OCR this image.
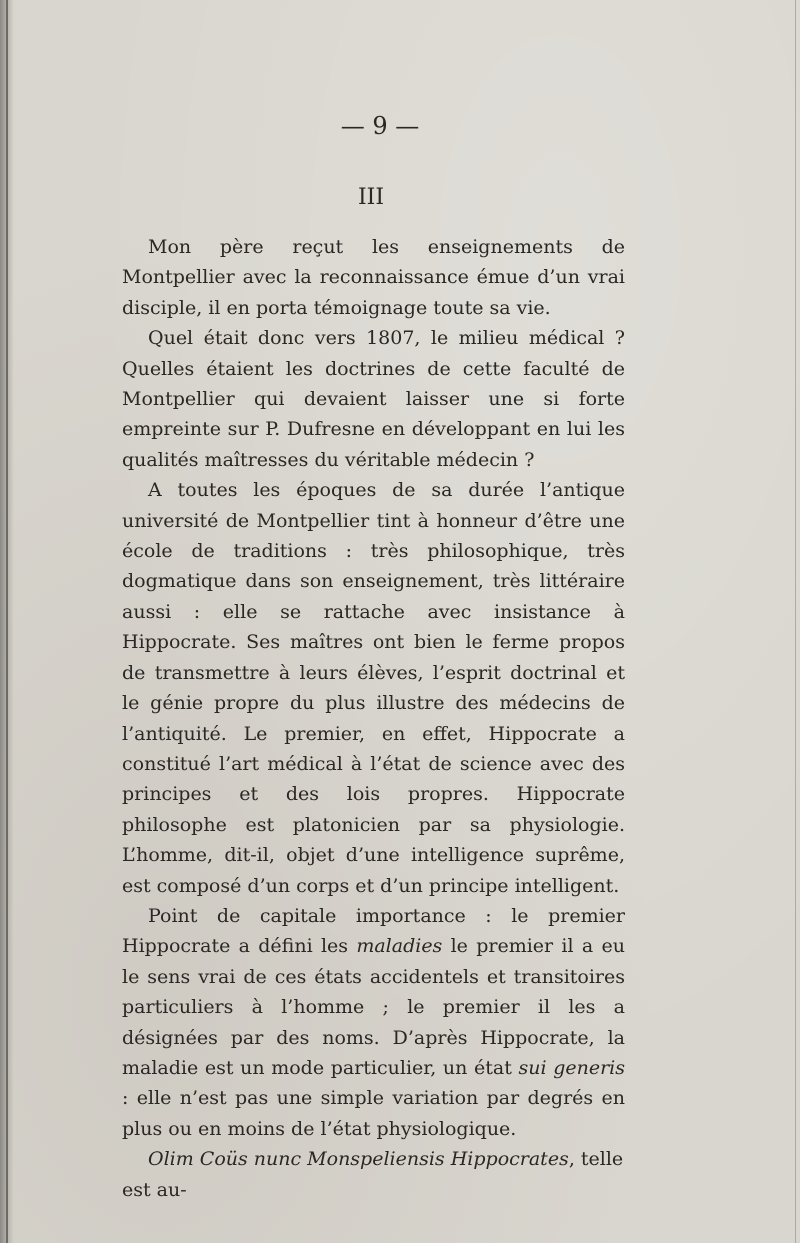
— 9 —
III

Mon père reçut les enseignements de Montpellier avec la reconnaissance émue d’un vrai disciple, il en porta témoignage toute sa vie.

Quel était donc vers 1807, le milieu médical ? Quelles étaient les doctrines de cette faculté de Montpellier qui devaient laisser une si forte empreinte sur P. Dufresne en développant en lui les qualités maîtresses du véritable médecin ?

A toutes les époques de sa durée l’antique université de Montpellier tint à honneur d’être une école de traditions : très philosophique, très dogmatique dans son enseignement, très littéraire aussi : elle se rattache avec insistance à Hippocrate. Ses maîtres ont bien le ferme propos de transmettre à leurs élèves, l’esprit doctrinal et le génie propre du plus illustre des médecins de l’antiquité. Le premier, en effet, Hippocrate a constitué l’art médical à l’état de science avec des principes et des lois propres. Hippocrate philosophe est platonicien par sa physiologie. L’homme, dit-il, objet d’une intelligence suprême, est composé d’un corps et d’un principe intelligent.

Point de capitale importance : le premier Hippocrate a défini les maladies le premier il a eu le sens vrai de ces états accidentels et transitoires particuliers à l’homme ; le premier il les a désignées par des noms. D’après Hippocrate, la maladie est un mode particulier, un état sui generis : elle n’est pas une simple variation par degrés en plus ou en moins de l’état physiologique.

Olim Coüs nunc Monspeliensis Hippocrates, telle est au-
